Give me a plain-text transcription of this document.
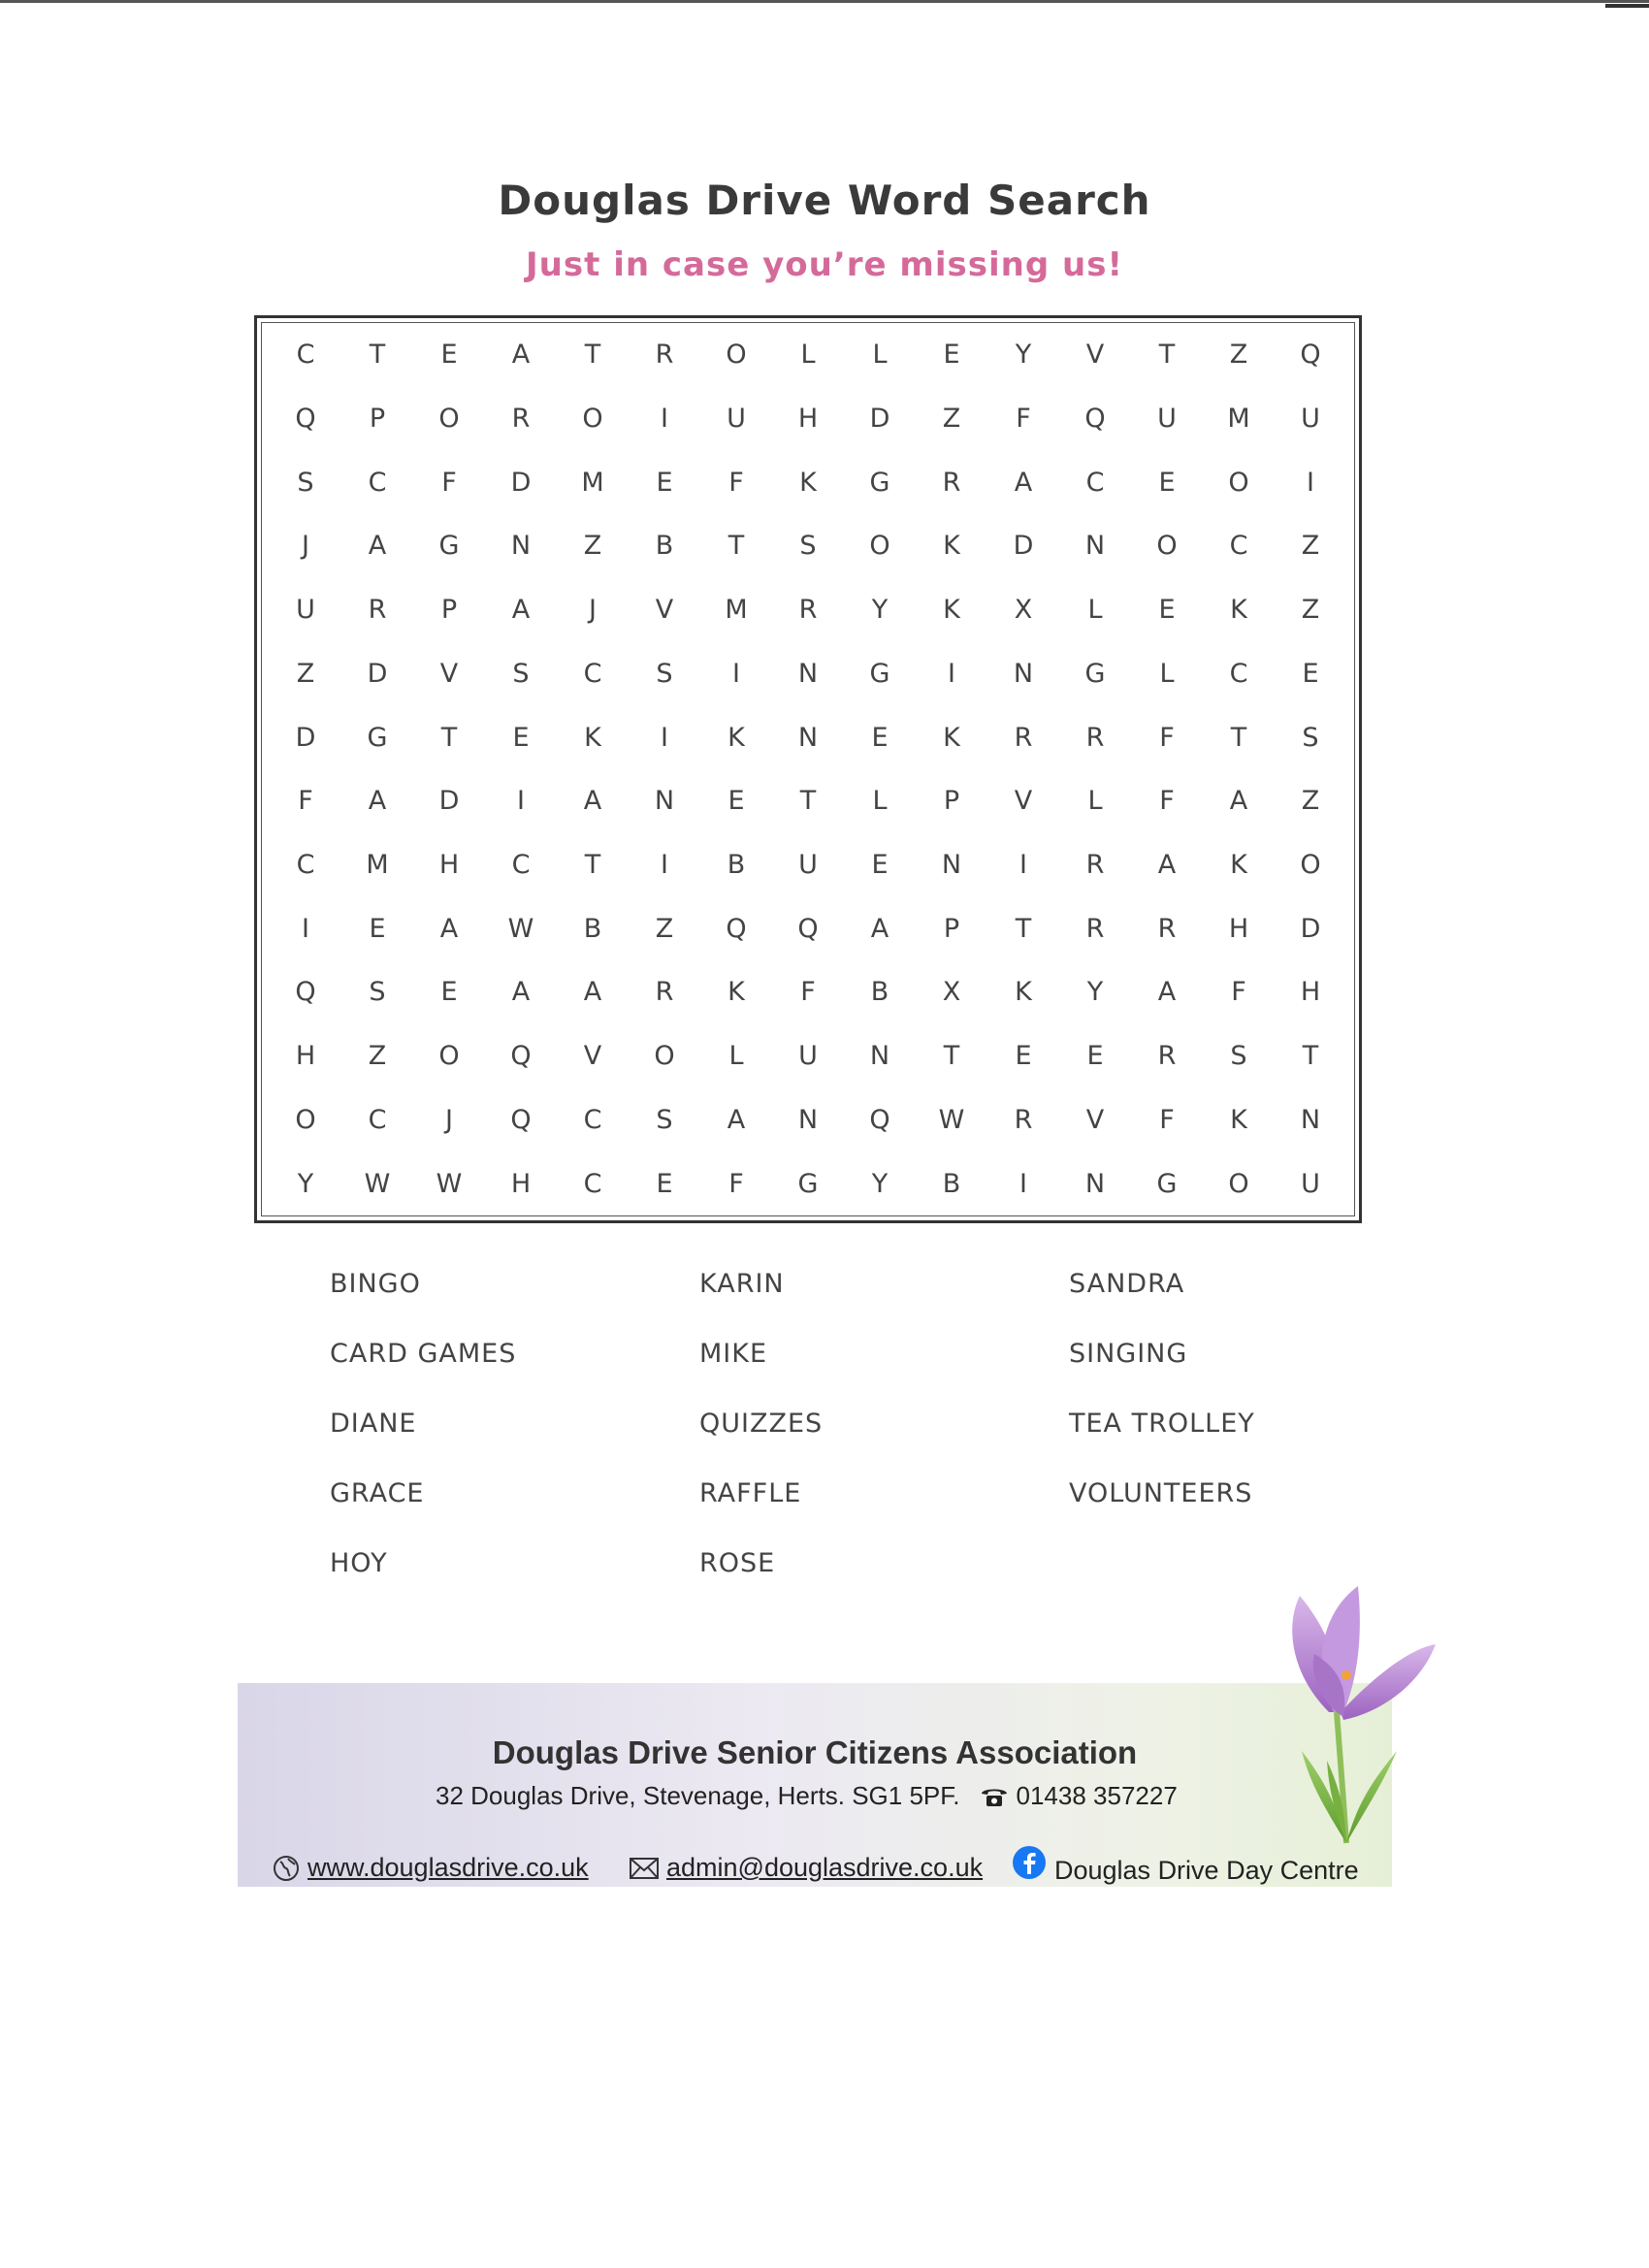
Douglas Drive Word Search
Just in case you’re missing us!
C	T	E	A	T	R	O	L	L	E	Y	V	T	Z	Q
Q	P	O	R	O	I	U	H	D	Z	F	Q	U	M	U
S	C	F	D	M	E	F	K	G	R	A	C	E	O	I
J	A	G	N	Z	B	T	S	O	K	D	N	O	C	Z
U	R	P	A	J	V	M	R	Y	K	X	L	E	K	Z
Z	D	V	S	C	S	I	N	G	I	N	G	L	C	E
D	G	T	E	K	I	K	N	E	K	R	R	F	T	S
F	A	D	I	A	N	E	T	L	P	V	L	F	A	Z
C	M	H	C	T	I	B	U	E	N	I	R	A	K	O
I	E	A	W	B	Z	Q	Q	A	P	T	R	R	H	D
Q	S	E	A	A	R	K	F	B	X	K	Y	A	F	H
H	Z	O	Q	V	O	L	U	N	T	E	E	R	S	T
O	C	J	Q	C	S	A	N	Q	W	R	V	F	K	N
Y	W	W	H	C	E	F	G	Y	B	I	N	G	O	U
BINGO	KARIN	SANDRA
CARD GAMES	MIKE	SINGING
DIANE	QUIZZES	TEA TROLLEY
GRACE	RAFFLE	VOLUNTEERS
HOY	ROSE
Douglas Drive Senior Citizens Association
32 Douglas Drive, Stevenage, Herts. SG1 5PF. 01438 357227
www.douglasdrive.co.uk	admin@douglasdrive.co.uk	Douglas Drive Day Centre
